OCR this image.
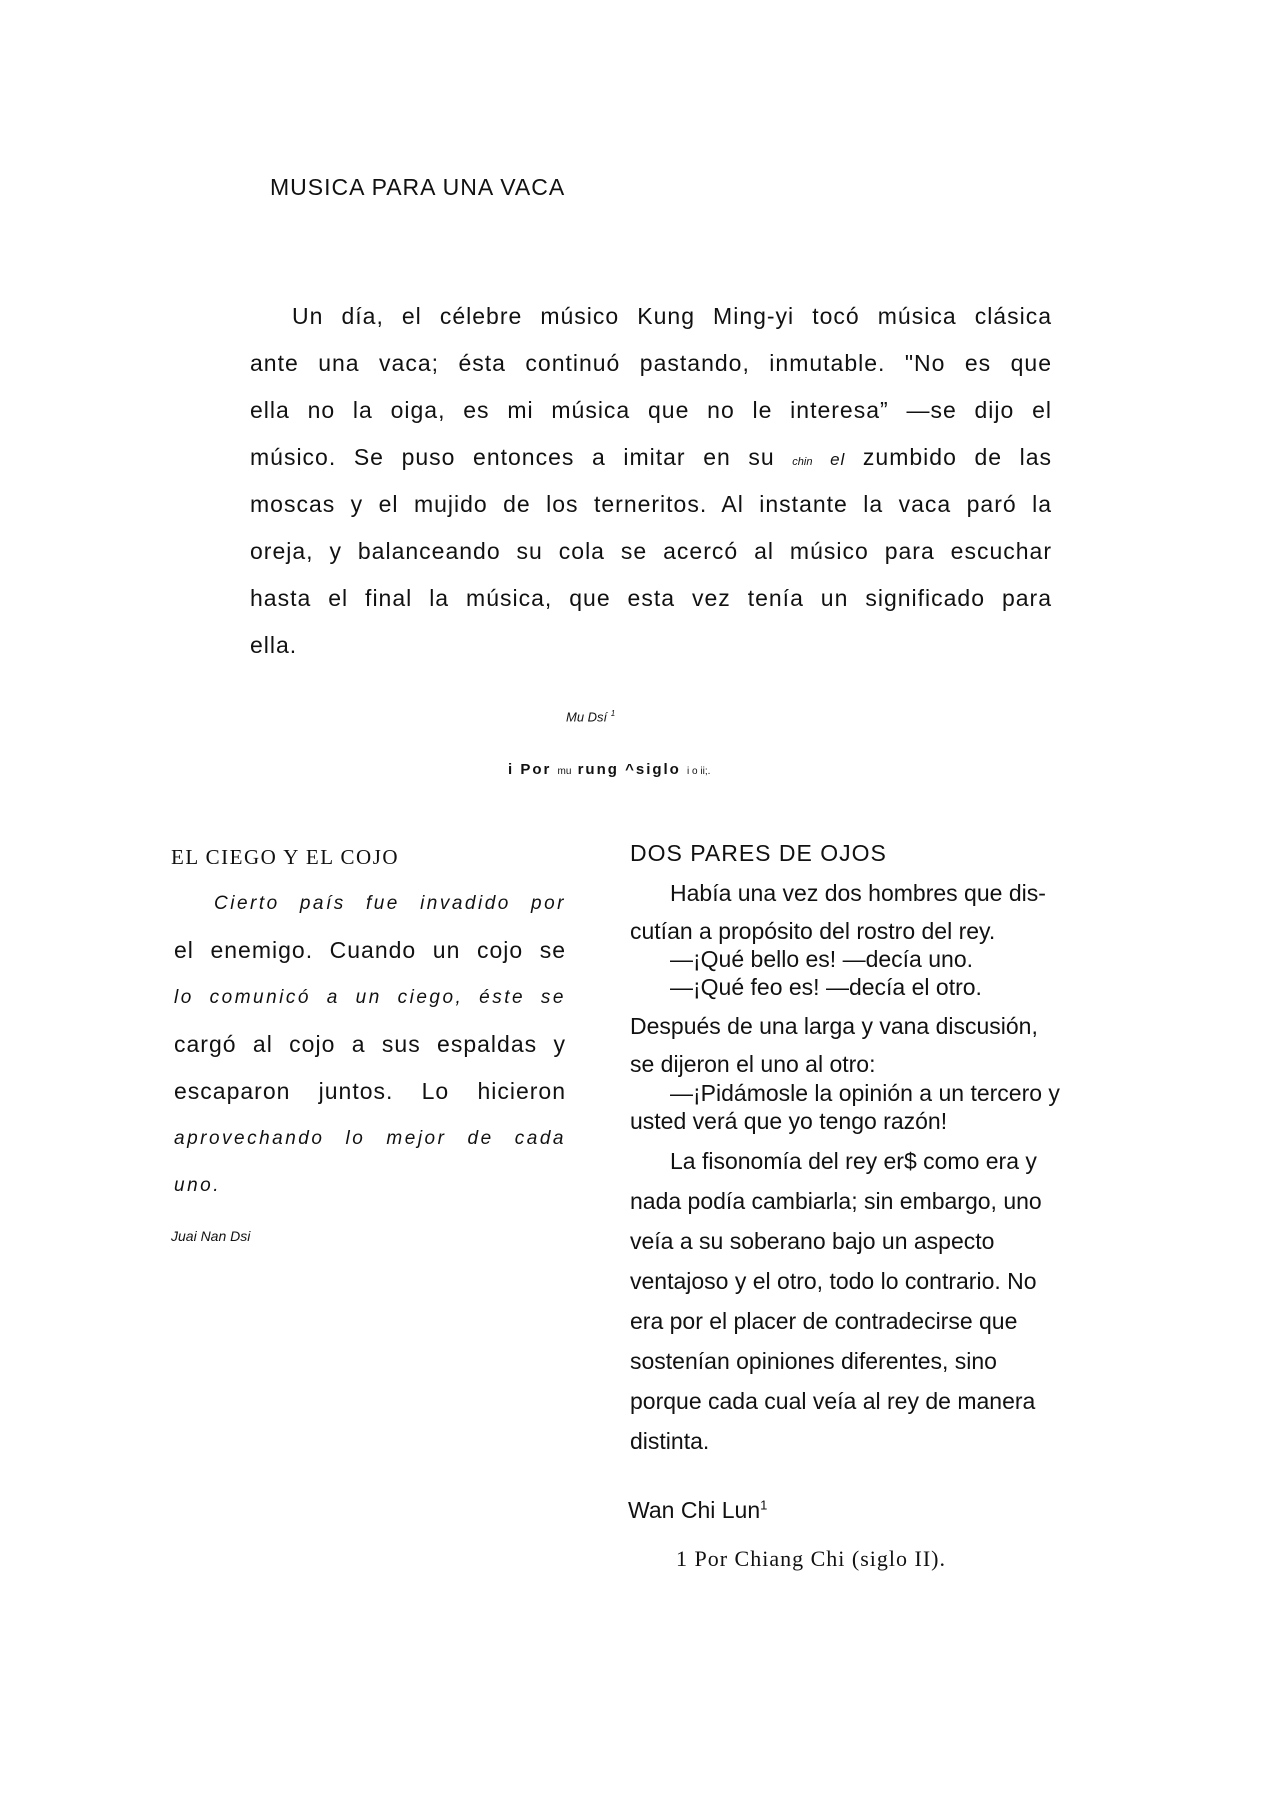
MUSICA PARA UNA VACA
Un día, el célebre músico Kung Ming-yi tocó música clásica
ante una vaca; ésta continuó pastando, inmutable. "No es que
ella no la oiga, es mi música que no le interesa” —se dijo el
músico. Se puso entonces a imitar en su chin el zumbido de las
moscas y el mujido de los terneritos. Al instante la vaca paró la
oreja, y balanceando su cola se acercó al músico para escuchar
hasta el final la música, que esta vez tenía un significado para
ella.
Mu Dsí $^1$
i Por mu rung ^siglo i o ii;.
EL CIEGO Y EL COJO
Cierto país fue invadido por
el enemigo. Cuando un cojo se
lo comunicó a un ciego, éste se
cargó al cojo a sus espaldas y
escaparon juntos. Lo hicieron
aprovechando lo mejor de cada
uno.
Juai Nan Dsi
DOS PARES DE OJOS
Había una vez dos hombres que dis-
cutían a propósito del rostro del rey.
—¡Qué bello es! —decía uno.
—¡Qué feo es! —decía el otro.
Después de una larga y vana discusión,
se dijeron el uno al otro:
—¡Pidámosle la opinión a un tercero y
usted verá que yo tengo razón!
La fisonomía del rey er$ como era y
nada podía cambiarla; sin embargo, uno
veía a su soberano bajo un aspecto
ventajoso y el otro, todo lo contrario. No
era por el placer de contradecirse que
sostenían opiniones diferentes, sino
porque cada cual veía al rey de manera
distinta.
Wan Chi Lun$^1$
1 Por Chiang Chi (siglo II).
